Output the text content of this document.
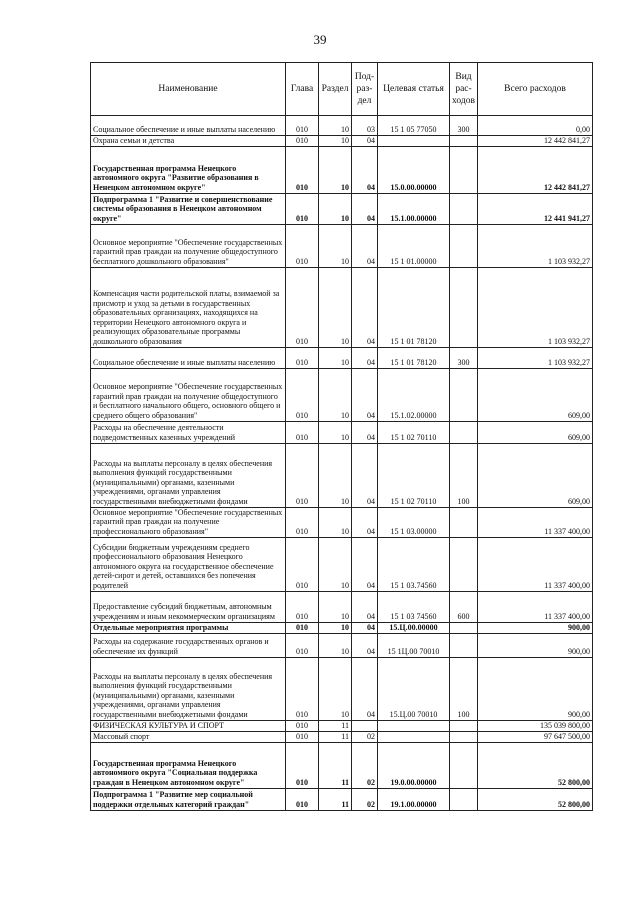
39
Наименование	Глава	Раздел	Под-раз-дел	Целевая статья	Вид рас-ходов	Всего расходов
Социальное обеспечение и иные выплаты населению	010	10	03	15 1 05 77050	300	0,00
Охрана семьи и детства	010	10	04			12 442 841,27
Государственная программа Ненецкого автономного округа "Развитие образования в Ненецком автономном округе"	010	10	04	15.0.00.00000		12 442 841,27
Подпрограмма 1 "Развитие и совершенствование системы образования в Ненецком автономном округе"	010	10	04	15.1.00.00000		12 441 941,27
Основное мероприятие "Обеспечение государственных гарантий прав граждан на получение общедоступного бесплатного дошкольного образования"	010	10	04	15 1 01.00000		1 103 932,27
Компенсация части родительской платы, взимаемой за присмотр и уход за детьми в государственных образовательных организациях, находящихся на территории Ненецкого автономного округа и реализующих образовательные программы дошкольного образования	010	10	04	15 1 01 78120		1 103 932,27
Социальное обеспечение и иные выплаты населению	010	10	04	15 1 01 78120	300	1 103 932,27
Основное мероприятие "Обеспечение государственных гарантий прав граждан на получение общедоступного и бесплатного начального общего, основного общего и среднего общего образования"	010	10	04	15.1.02.00000		609,00
Расходы на обеспечение деятельности подведомственных казенных учреждений	010	10	04	15 1 02 70110		609,00
Расходы на выплаты персоналу в целях обеспечения выполнения функций государственными (муниципальными) органами, казенными учреждениями, органами управления государственными внебюджетными фондами	010	10	04	15 1 02 70110	100	609,00
Основное мероприятие "Обеспечение государственных гарантий прав граждан на получение профессионального образования"	010	10	04	15 1 03.00000		11 337 400,00
Субсидии бюджетным учреждениям среднего профессионального образования Ненецкого автономного округа на государственное обеспечение детей-сирот и детей, оставшихся без попечения родителей	010	10	04	15 1 03.74560		11 337 400,00
Предоставление субсидий бюджетным, автономным учреждениям и иным некоммерческим организациям	010	10	04	15 1 03 74560	600	11 337 400,00
Отдельные мероприятия программы	010	10	04	15.Ц.00.00000		900,00
Расходы на содержание государственных органов и обеспечение их функций	010	10	04	15 1Ц.00 70010		900,00
Расходы на выплаты персоналу в целях обеспечения выполнения функций государственными (муниципальными) органами, казенными учреждениями, органами управления государственными внебюджетными фондами	010	10	04	15.Ц.00 70010	100	900,00
ФИЗИЧЕСКАЯ КУЛЬТУРА И СПОРТ	010	11				135 039 800,00
Массовый спорт	010	11	02			97 647 500,00
Государственная программа Ненецкого автономного округа "Социальная поддержка граждан в Ненецком автономном округе"	010	11	02	19.0.00.00000		52 800,00
Подпрограмма 1 "Развитие мер социальной поддержки отдельных категорий граждан"	010	11	02	19.1.00.00000		52 800,00
